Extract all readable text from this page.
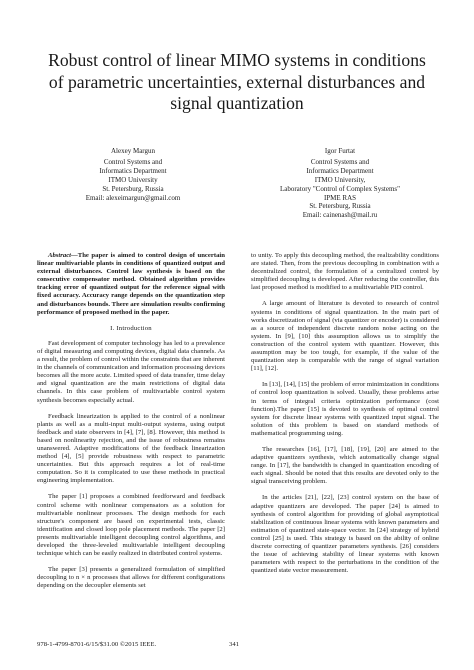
Robust control of linear MIMO systems in conditions of parametric uncertainties, external disturbances and signal quantization
Alexey Margun
Control Systems and
Informatics Department
ITMO University
St. Petersburg, Russia
Email: alexeimargun@gmail.com
Igor Furtat
Control Systems and
Informatics Department
ITMO University,
Laboratory "Control of Complex Systems"
IPME RAS
St. Petersburg, Russia
Email: cainenash@mail.ru

Abstract—The paper is aimed to control design of uncertain linear multivariable plants in conditions of quantized output and external disturbances. Control law synthesis is based on the consecutive compensator method. Obtained algorithm provides tracking error of quantized output for the reference signal with fixed accuracy. Accuracy range depends on the quantization step and disturbances bounds. There are simulation results confirming performance of proposed method in the paper.

I. Introduction

Fast development of computer technology has led to a prevalence of digital measuring and computing devices, digital data channels. As a result, the problem of control within the constraints that are inherent in the channels of communication and information processing devices becomes all the more acute. Limited speed of data transfer, time delay and signal quantization are the main restrictions of digital data channels. In this case problem of multivariable control system synthesis becomes especially actual.

Feedback linearization is applied to the control of a nonlinear plants as well as a multi-input multi-output systems, using output feedback and state observers in [4], [7], [8]. However, this method is based on nonlinearity rejection, and the issue of robustness remains unanswered. Adaptive modifications of the feedback linearization method [4], [5] provide robustness with respect to parametric uncertainties. But this approach requires a lot of real-time computation. So it is complicated to use these methods in practical engineering implementation.

The paper [1] proposes a combined feedforward and feedback control scheme with nonlinear compensators as a solution for multivariable nonlinear processes. The design methods for each structure's component are based on experimental tests, classic identification and closed loop pole placement methods. The paper [2] presents multivariable intelligent decoupling control algorithms, and developed the three-leveled multivariable intelligent decoupling technique which can be easily realized in distributed control systems.

The paper [3] presents a generalized formulation of simplified decoupling to n × n processes that allows for different configurations depending on the decoupler elements set

to unity. To apply this decoupling method, the realizability conditions are stated. Then, from the previous decoupling in combination with a decentralized control, the formulation of a centralized control by simplified decoupling is developed. After reducing the controller, this last proposed method is modified to a multivariable PID control.

A large amount of literature is devoted to research of control systems in conditions of signal quantization. In the main part of works discretization of signal (via quantizer or encoder) is considered as a source of independent discrete random noise acting on the system. In [9], [10] this assumption allows us to simplify the construction of the control system with quantizer. However, this assumption may be too tough, for example, if the value of the quantization step is comparable with the range of signal variation [11], [12].

In [13], [14], [15] the problem of error minimization in conditions of control loop quantization is solved. Usually, these problems arise in terms of integral criteria optimization performance (cost function).The paper [15] is devoted to synthesis of optimal control system for discrete linear systems with quantized input signal. The solution of this problem is based on standard methods of mathematical programming using.

The researches [16], [17], [18], [19], [20] are aimed to the adaptive quantizers synthesis, which automatically change signal range. In [17], the bandwidth is changed in quantization encoding of each signal. Should be noted that this results are devoted only to the signal transceiving problem.

In the articles [21], [22], [23] control system on the base of adaptive quantizers are developed. The paper [24] is aimed to synthesis of control algorithm for providing of global asymptotical stabilization of continuous linear systems with known parameters and estimation of quantized state-space vector. In [24] strategy of hybrid control [25] is used. This strategy is based on the ability of online discrete correcting of quantizer parameters synthesis. [26] considers the issue of achieving stability of linear systems with known parameters with respect to the perturbations in the condition of the quantized state vector measurement.

978-1-4799-8701-6/15/$31.00 ©2015 IEEE.	341
